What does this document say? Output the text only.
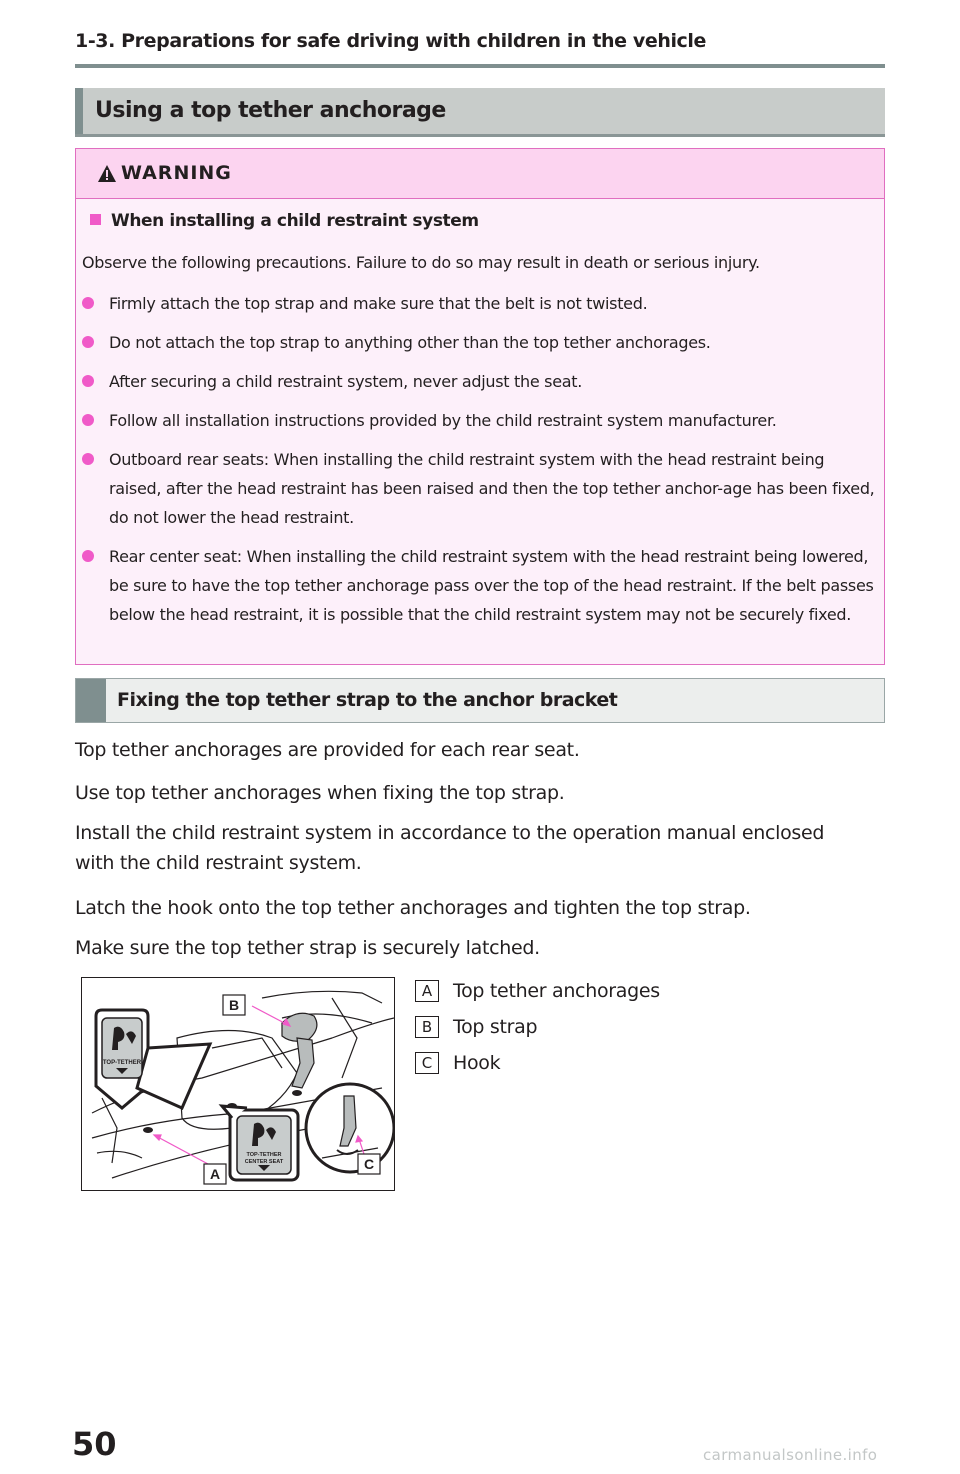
1-3. Preparations for safe driving with children in the vehicle
Using a top tether anchorage
WARNING
When installing a child restraint system
Observe the following precautions. Failure to do so may result in death or serious injury.
Firmly attach the top strap and make sure that the belt is not twisted.
Do not attach the top strap to anything other than the top tether anchorages.
After securing a child restraint system, never adjust the seat.
Follow all installation instructions provided by the child restraint system manufacturer.
Outboard rear seats: When installing the child restraint system with the head restraint being raised, after the head restraint has been raised and then the top tether anchor-age has been fixed, do not lower the head restraint.
Rear center seat: When installing the child restraint system with the head restraint being lowered, be sure to have the top tether anchorage pass over the top of the head restraint. If the belt passes below the head restraint, it is possible that the child restraint system may not be securely fixed.
Fixing the top tether strap to the anchor bracket
Top tether anchorages are provided for each rear seat.
Use top tether anchorages when fixing the top strap.
Install the child restraint system in accordance to the operation manual enclosed with the child restraint system.
Latch the hook onto the top tether anchorages and tighten the top strap.
Make sure the top tether strap is securely latched.
TOP-TETHER
TOP-TETHER
CENTER SEAT
B
A
C
A	Top tether anchorages
B	Top strap
C	Hook
50	carmanualsonline.info
